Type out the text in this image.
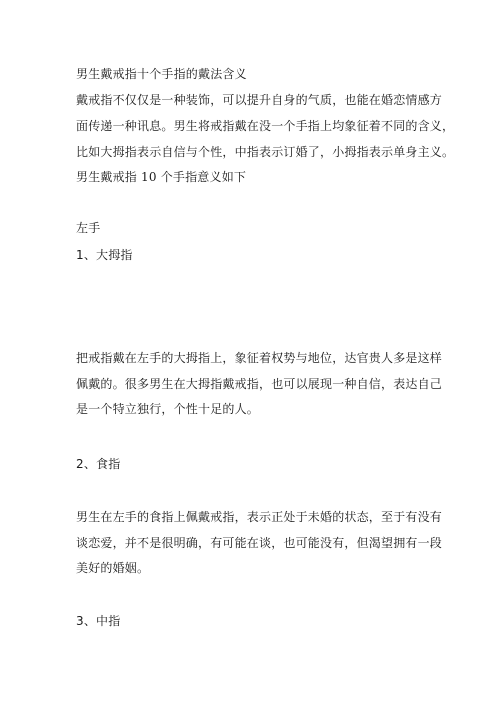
男生戴戒指十个手指的戴法含义
戴戒指不仅仅是一种装饰，可以提升自身的气质，也能在婚恋情感方
面传递一种讯息。男生将戒指戴在没一个手指上均象征着不同的含义，
比如大拇指表示自信与个性，中指表示订婚了，小拇指表示单身主义。
男生戴戒指 10 个手指意义如下
左手
1、大拇指
把戒指戴在左手的大拇指上，象征着权势与地位，达官贵人多是这样
佩戴的。很多男生在大拇指戴戒指，也可以展现一种自信，表达自己
是一个特立独行，个性十足的人。
2、食指
男生在左手的食指上佩戴戒指，表示正处于未婚的状态，至于有没有
谈恋爱，并不是很明确，有可能在谈，也可能没有，但渴望拥有一段
美好的婚姻。
3、中指
